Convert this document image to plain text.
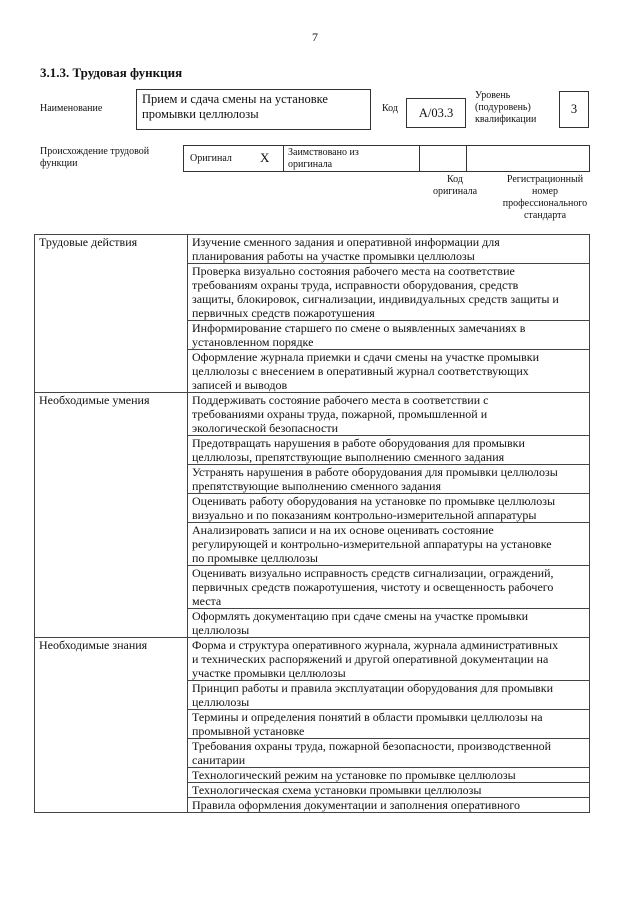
7
3.1.3. Трудовая функция
Наименование
Прием и сдача смены на установке промывки целлюлозы	Код	A/03.3
Уровень
(подуровень)
квалификации
3
Происхождение трудовой
функции	Оригинал X Заимствовано из
оригинала
Код
оригинала
Регистрационный
номер
профессионального
стандарта
Трудовые действия	Изучение сменного задания и оперативной информации для
планирования работы на участке промывки целлюлозы
	Проверка визуально состояния рабочего места на соответствие
требованиям охраны труда, исправности оборудования, средств
защиты, блокировок, сигнализации, индивидуальных средств защиты и
первичных средств пожаротушения
	Информирование старшего по смене о выявленных замечаниях в
установленном порядке
	Оформление журнала приемки и сдачи смены на участке промывки
целлюлозы с внесением в оперативный журнал соответствующих
записей и выводов
Необходимые умения	Поддерживать состояние рабочего места в соответствии с
требованиями охраны труда, пожарной, промышленной и
экологической безопасности
	Предотвращать нарушения в работе оборудования для промывки
целлюлозы, препятствующие выполнению сменного задания
	Устранять нарушения в работе оборудования для промывки целлюлозы
препятствующие выполнению сменного задания
	Оценивать работу оборудования на установке по промывке целлюлозы
визуально и по показаниям контрольно-измерительной аппаратуры
	Анализировать записи и на их основе оценивать состояние
регулирующей и контрольно-измерительной аппаратуры на установке
по промывке целлюлозы
	Оценивать визуально исправность средств сигнализации, ограждений,
первичных средств пожаротушения, чистоту и освещенность рабочего
места
	Оформлять документацию при сдаче смены на участке промывки
целлюлозы
Необходимые знания	Форма и структура оперативного журнала, журнала административных
и технических распоряжений и другой оперативной документации на
участке промывки целлюлозы
	Принцип работы и правила эксплуатации оборудования для промывки
целлюлозы
	Термины и определения понятий в области промывки целлюлозы на
промывной установке
	Требования охраны труда, пожарной безопасности, производственной
санитарии
	Технологический режим на установке по промывке целлюлозы
	Технологическая схема установки промывки целлюлозы
	Правила оформления документации и заполнения оперативного
